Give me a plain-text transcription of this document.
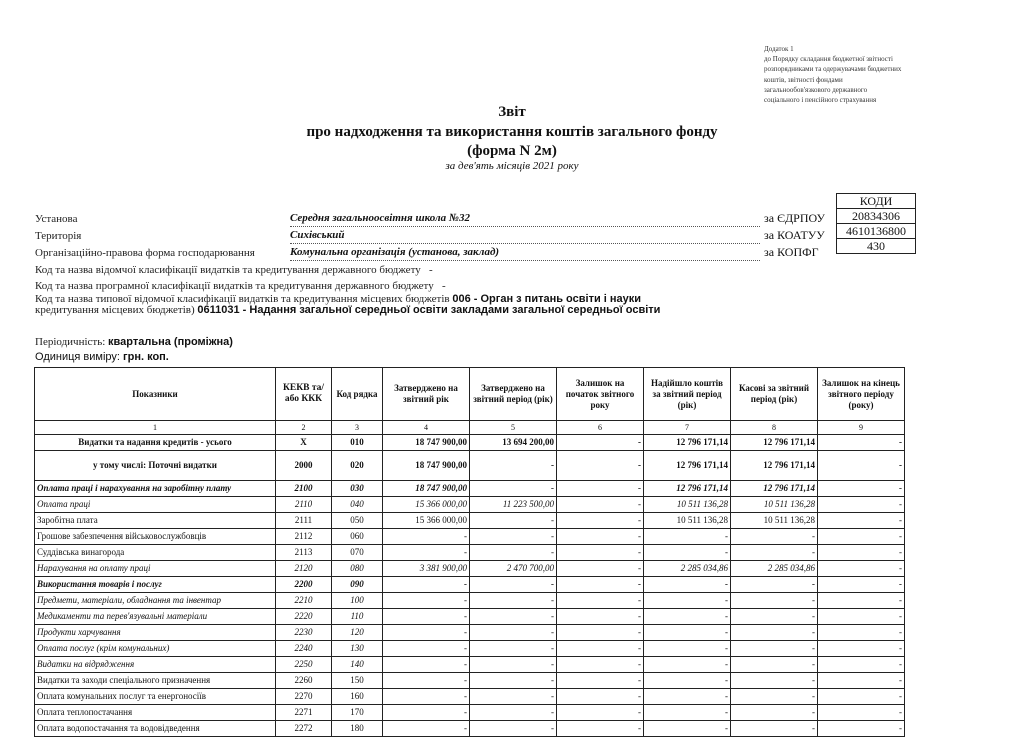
Додаток 1
до Порядку складання бюджетної звітності
розпорядниками та одержувачами бюджетних
коштів, звітності фондами
загальнообов'язкового державного
соціального і пенсійного страхування
Звіт
про надходження та використання коштів загального фонду
(форма N 2м)
за дев'ять місяців 2021 року
КОДИ
20834306
4610136800
430
за ЄДРПОУ
за КОАТУУ
за КОПФГ
Установа	Середня загальноосвітня школа №32
Територія	Сихівський
Організаційно-правова форма господарювання	Комунальна організація (установа, заклад)
Код та назва відомчої класифікації видатків та кредитування державного бюджету -
Код та назва програмної класифікації видатків та кредитування державного бюджету -
Код та назва типової відомчої класифікації видатків та кредитування місцевих бюджетів 006 - Орган з питань освіти і науки
кредитування місцевих бюджетів) 0611031 - Надання загальної середньої освіти закладами загальної середньої освіти
Періодичність: квартальна (проміжна)
Одиниця виміру: грн. коп.
Показники	КЕКВ та/або ККК	Код рядка	Затверджено на звітний рік	Затверджено на звітний період (рік)	Залишок на початок звітного року	Надійшло коштів за звітний період (рік)	Касові за звітний період (рік)	Залишок на кінець звітного періоду (року)
1	2	3	4	5	6	7	8	9
Видатки та надання кредитів - усього	X	010	18 747 900,00	13 694 200,00	-	12 796 171,14	12 796 171,14	-
у тому числі: Поточні видатки	2000	020	18 747 900,00	-	-	12 796 171,14	12 796 171,14	-
Оплата праці і нарахування на заробітну плату	2100	030	18 747 900,00	-	-	12 796 171,14	12 796 171,14	-
Оплата праці	2110	040	15 366 000,00	11 223 500,00	-	10 511 136,28	10 511 136,28	-
Заробітна плата	2111	050	15 366 000,00	-	-	10 511 136,28	10 511 136,28	-
Грошове забезпечення військовослужбовців	2112	060	-	-	-	-	-	-
Суддівська винагорода	2113	070	-	-	-	-	-	-
Нарахування на оплату праці	2120	080	3 381 900,00	2 470 700,00	-	2 285 034,86	2 285 034,86	-
Використання товарів і послуг	2200	090	-	-	-	-	-	-
Предмети, матеріали, обладнання та інвентар	2210	100	-	-	-	-	-	-
Медикаменти та перев'язувальні матеріали	2220	110	-	-	-	-	-	-
Продукти харчування	2230	120	-	-	-	-	-	-
Оплата послуг (крім комунальних)	2240	130	-	-	-	-	-	-
Видатки на відрядження	2250	140	-	-	-	-	-	-
Видатки та заходи спеціального призначення	2260	150	-	-	-	-	-	-
Оплата комунальних послуг та енергоносіїв	2270	160	-	-	-	-	-	-
Оплата теплопостачання	2271	170	-	-	-	-	-	-
Оплата водопостачання та водовідведення	2272	180	-	-	-	-	-	-
